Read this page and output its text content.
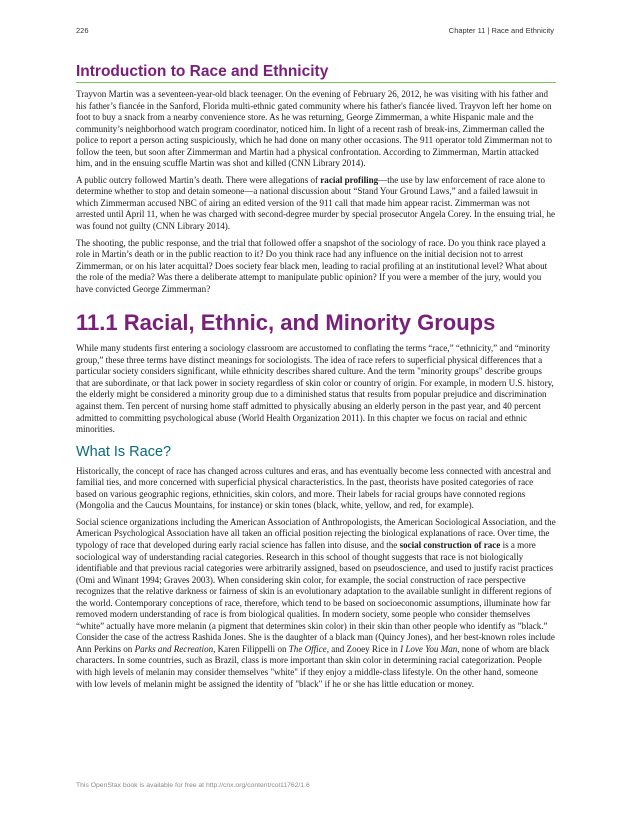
226	Chapter 11 | Race and Ethnicity
Introduction to Race and Ethnicity

Trayvon Martin was a seventeen-year-old black teenager. On the evening of February 26, 2012, he was visiting with his father and his father’s fiancée in the Sanford, Florida multi-ethnic gated community where his father's fiancée lived. Trayvon left her home on foot to buy a snack from a nearby convenience store. As he was returning, George Zimmerman, a white Hispanic male and the community’s neighborhood watch program coordinator, noticed him. In light of a recent rash of break-ins, Zimmerman called the police to report a person acting suspiciously, which he had done on many other occasions. The 911 operator told Zimmerman not to follow the teen, but soon after Zimmerman and Martin had a physical confrontation. According to Zimmerman, Martin attacked him, and in the ensuing scuffle Martin was shot and killed (CNN Library 2014).

A public outcry followed Martin’s death. There were allegations of racial profiling—the use by law enforcement of race alone to determine whether to stop and detain someone—a national discussion about “Stand Your Ground Laws,” and a failed lawsuit in which Zimmerman accused NBC of airing an edited version of the 911 call that made him appear racist. Zimmerman was not arrested until April 11, when he was charged with second-degree murder by special prosecutor Angela Corey. In the ensuing trial, he was found not guilty (CNN Library 2014).

The shooting, the public response, and the trial that followed offer a snapshot of the sociology of race. Do you think race played a role in Martin’s death or in the public reaction to it? Do you think race had any influence on the initial decision not to arrest Zimmerman, or on his later acquittal? Does society fear black men, leading to racial profiling at an institutional level? What about the role of the media? Was there a deliberate attempt to manipulate public opinion? If you were a member of the jury, would you have convicted George Zimmerman?

11.1 Racial, Ethnic, and Minority Groups

While many students first entering a sociology classroom are accustomed to conflating the terms “race,” “ethnicity,” and “minority group,” these three terms have distinct meanings for sociologists. The idea of race refers to superficial physical differences that a particular society considers significant, while ethnicity describes shared culture. And the term "minority groups" describe groups that are subordinate, or that lack power in society regardless of skin color or country of origin. For example, in modern U.S. history, the elderly might be considered a minority group due to a diminished status that results from popular prejudice and discrimination against them. Ten percent of nursing home staff admitted to physically abusing an elderly person in the past year, and 40 percent admitted to committing psychological abuse (World Health Organization 2011). In this chapter we focus on racial and ethnic minorities.

What Is Race?

Historically, the concept of race has changed across cultures and eras, and has eventually become less connected with ancestral and familial ties, and more concerned with superficial physical characteristics. In the past, theorists have posited categories of race based on various geographic regions, ethnicities, skin colors, and more. Their labels for racial groups have connoted regions (Mongolia and the Caucus Mountains, for instance) or skin tones (black, white, yellow, and red, for example).

Social science organizations including the American Association of Anthropologists, the American Sociological Association, and the American Psychological Association have all taken an official position rejecting the biological explanations of race. Over time, the typology of race that developed during early racial science has fallen into disuse, and the social construction of race is a more sociological way of understanding racial categories. Research in this school of thought suggests that race is not biologically identifiable and that previous racial categories were arbitrarily assigned, based on pseudoscience, and used to justify racist practices (Omi and Winant 1994; Graves 2003). When considering skin color, for example, the social construction of race perspective recognizes that the relative darkness or fairness of skin is an evolutionary adaptation to the available sunlight in different regions of the world. Contemporary conceptions of race, therefore, which tend to be based on socioeconomic assumptions, illuminate how far removed modern understanding of race is from biological qualities. In modern society, some people who consider themselves “white” actually have more melanin (a pigment that determines skin color) in their skin than other people who identify as ”black.” Consider the case of the actress Rashida Jones. She is the daughter of a black man (Quincy Jones), and her best-known roles include Ann Perkins on Parks and Recreation, Karen Filippelli on The Office, and Zooey Rice in I Love You Man, none of whom are black characters. In some countries, such as Brazil, class is more important than skin color in determining racial categorization. People with high levels of melanin may consider themselves "white" if they enjoy a middle-class lifestyle. On the other hand, someone with low levels of melanin might be assigned the identity of "black" if he or she has little education or money.

This OpenStax book is available for free at http://cnx.org/content/col11762/1.6
